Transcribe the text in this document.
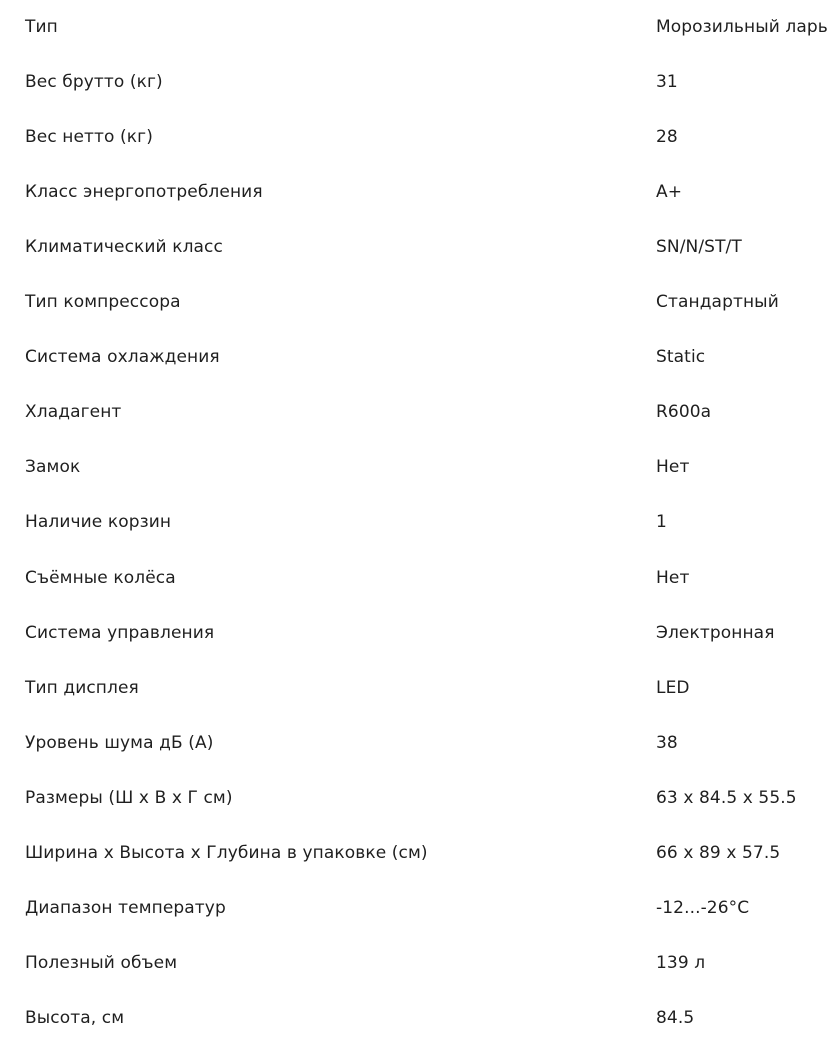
Тип	Морозильный ларь
Вес брутто (кг)	31
Вес нетто (кг)	28
Класс энергопотребления	A+
Климатический класс	SN/N/ST/T
Тип компрессора	Стандартный
Система охлаждения	Static
Хладагент	R600a
Замок	Нет
Наличие корзин	1
Съёмные колёса	Нет
Система управления	Электронная
Тип дисплея	LED
Уровень шума дБ (А)	38
Размеры (Ш х В х Г см)	63 x 84.5 x 55.5
Ширина х Высота х Глубина в упаковке (см)	66 x 89 x 57.5
Диапазон температур	-12...-26°С
Полезный объем	139 л
Высота, см	84.5
